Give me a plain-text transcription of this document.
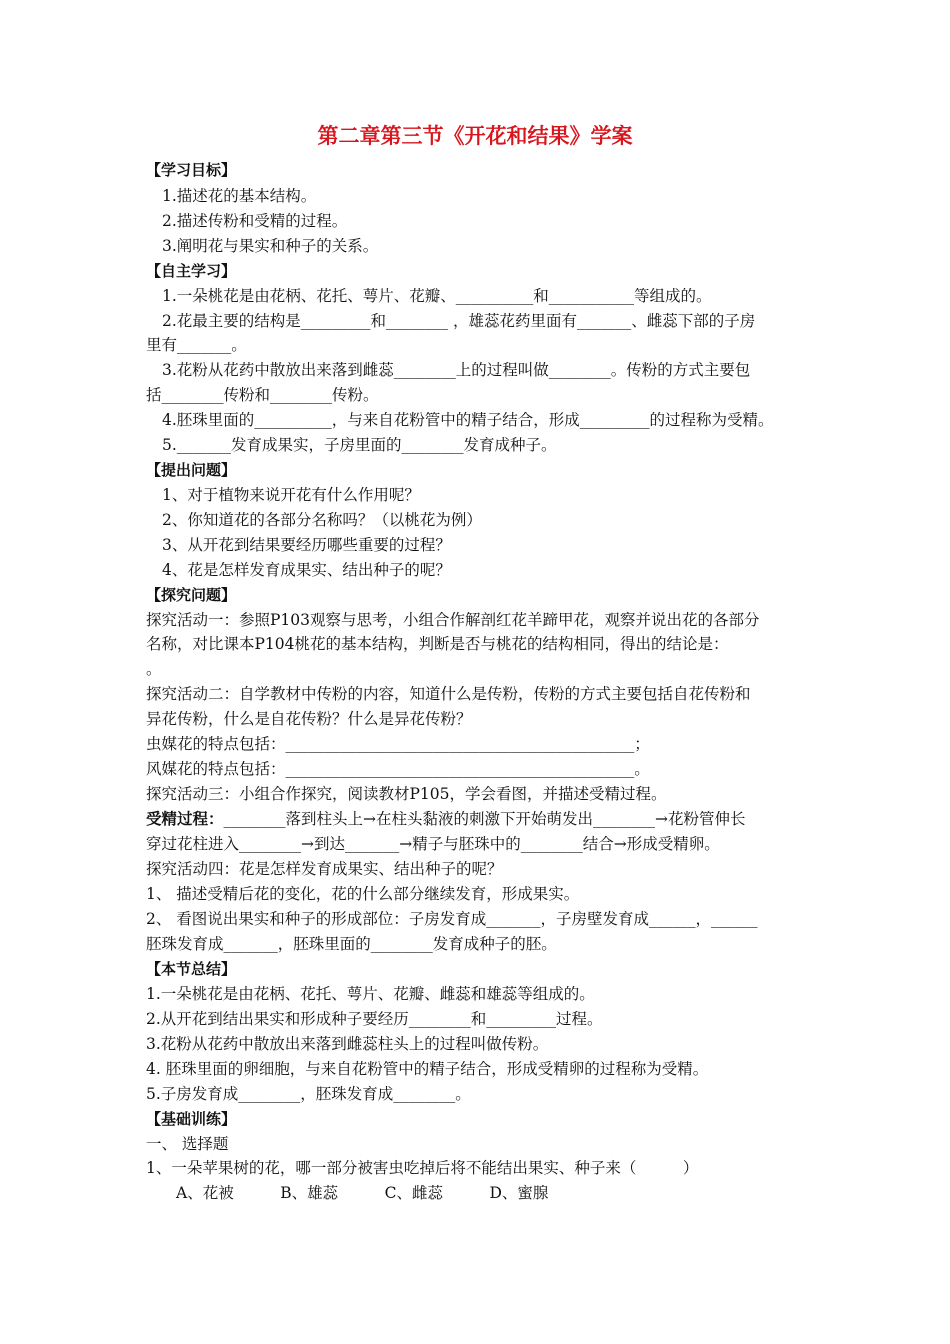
第二章第三节《开花和结果》学案
【学习目标】
1.描述花的基本结构。
2.描述传粉和受精的过程。
3.阐明花与果实和种子的关系。
【自主学习】
1.一朵桃花是由花柄、花托、萼片、花瓣、__________和___________等组成的。
2.花最主要的结构是_________和________ ，雄蕊花药里面有_______、雌蕊下部的子房
里有_______。
3.花粉从花药中散放出来落到雌蕊________上的过程叫做________。传粉的方式主要包
括________传粉和________传粉。
4.胚珠里面的__________，与来自花粉管中的精子结合，形成_________的过程称为受精。
5._______发育成果实，子房里面的________发育成种子。
【提出问题】
1、对于植物来说开花有什么作用呢？
2、你知道花的各部分名称吗？（以桃花为例）
3、从开花到结果要经历哪些重要的过程？
4、花是怎样发育成果实、结出种子的呢？
【探究问题】
探究活动一：参照P103观察与思考，小组合作解剖红花羊蹄甲花，观察并说出花的各部分
名称，对比课本P104桃花的基本结构，判断是否与桃花的结构相同，得出的结论是：
。
探究活动二：自学教材中传粉的内容，知道什么是传粉，传粉的方式主要包括自花传粉和
异花传粉，什么是自花传粉？什么是异花传粉？
虫媒花的特点包括：_____________________________________________；
风媒花的特点包括：_____________________________________________。
探究活动三：小组合作探究，阅读教材P105，学会看图，并描述受精过程。
受精过程：________落到柱头上→在柱头黏液的刺激下开始萌发出________→花粉管伸长
穿过花柱进入________→到达_______→精子与胚珠中的________结合→形成受精卵。
探究活动四：花是怎样发育成果实、结出种子的呢？
1、 描述受精后花的变化，花的什么部分继续发育，形成果实。
2、 看图说出果实和种子的形成部位：子房发育成_______，子房壁发育成______，______
胚珠发育成_______，胚珠里面的________发育成种子的胚。
【本节总结】
1.一朵桃花是由花柄、花托、萼片、花瓣、雌蕊和雄蕊等组成的。
2.从开花到结出果实和形成种子要经历________和_________过程。
3.花粉从花药中散放出来落到雌蕊柱头上的过程叫做传粉。
4. 胚珠里面的卵细胞，与来自花粉管中的精子结合，形成受精卵的过程称为受精。
5.子房发育成________，胚珠发育成________。
【基础训练】
一、 选择题
1、一朵苹果树的花，哪一部分被害虫吃掉后将不能结出果实、种子来（　　　）
A、花被　　　B、雄蕊　　　C、雌蕊　　　D、蜜腺
